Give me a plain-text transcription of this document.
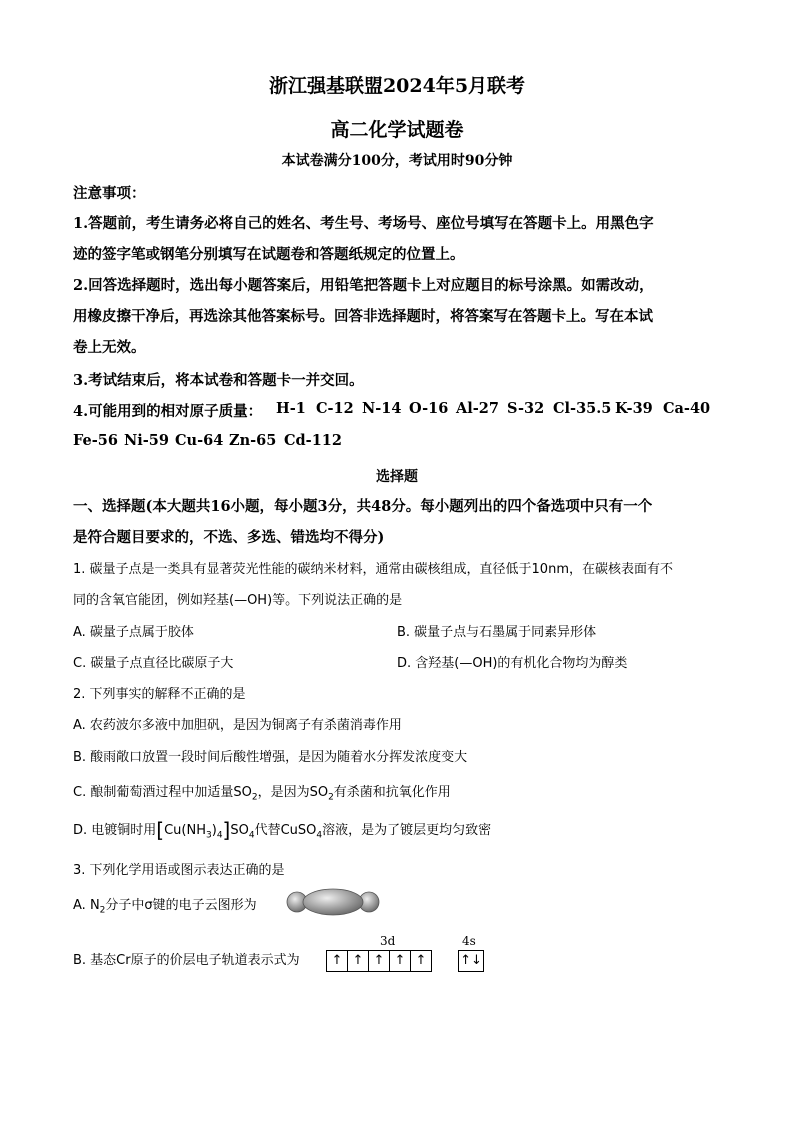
浙江强基联盟2024年5月联考
高二化学试题卷
本试卷满分100分，考试用时90分钟
注意事项：
1.答题前，考生请务必将自己的姓名、考生号、考场号、座位号填写在答题卡上。用黑色字
迹的签字笔或钢笔分别填写在试题卷和答题纸规定的位置上。
2.回答选择题时，选出每小题答案后，用铅笔把答题卡上对应题目的标号涂黑。如需改动，
用橡皮擦干净后，再选涂其他答案标号。回答非选择题时，将答案写在答题卡上。写在本试
卷上无效。
3.考试结束后，将本试卷和答题卡一并交回。
4.可能用到的相对原子质量： H-1 C-12 N-14 O-16 Al-27 S-32 Cl-35.5 K-39 Ca-40
Fe-56 Ni-59 Cu-64 Zn-65 Cd-112
选择题
一、选择题(本大题共16小题，每小题3分，共48分。每小题列出的四个备选项中只有一个
是符合题目要求的，不选、多选、错选均不得分)
1. 碳量子点是一类具有显著荧光性能的碳纳米材料，通常由碳核组成，直径低于10nm，在碳核表面有不
同的含氧官能团，例如羟基(—OH)等。下列说法正确的是
A. 碳量子点属于胶体	B. 碳量子点与石墨属于同素异形体
C. 碳量子点直径比碳原子大	D. 含羟基(—OH)的有机化合物均为醇类
2. 下列事实的解释不正确的是
A. 农药波尔多液中加胆矾，是因为铜离子有杀菌消毒作用
B. 酸雨敞口放置一段时间后酸性增强，是因为随着水分挥发浓度变大
C. 酿制葡萄酒过程中加适量$SO_2$，是因为$SO_2$有杀菌和抗氧化作用
D. 电镀铜时用$[Cu(NH_3)_4]SO_4$代替CuSO$_4$溶液，是为了镀层更均匀致密
3. 下列化学用语或图示表达正确的是
A. $N_2$分子中σ键的电子云图形为
B. 基态Cr原子的价层电子轨道表示式为
3d	4s
↑ ↑ ↑ ↑ ↑	↑↓
